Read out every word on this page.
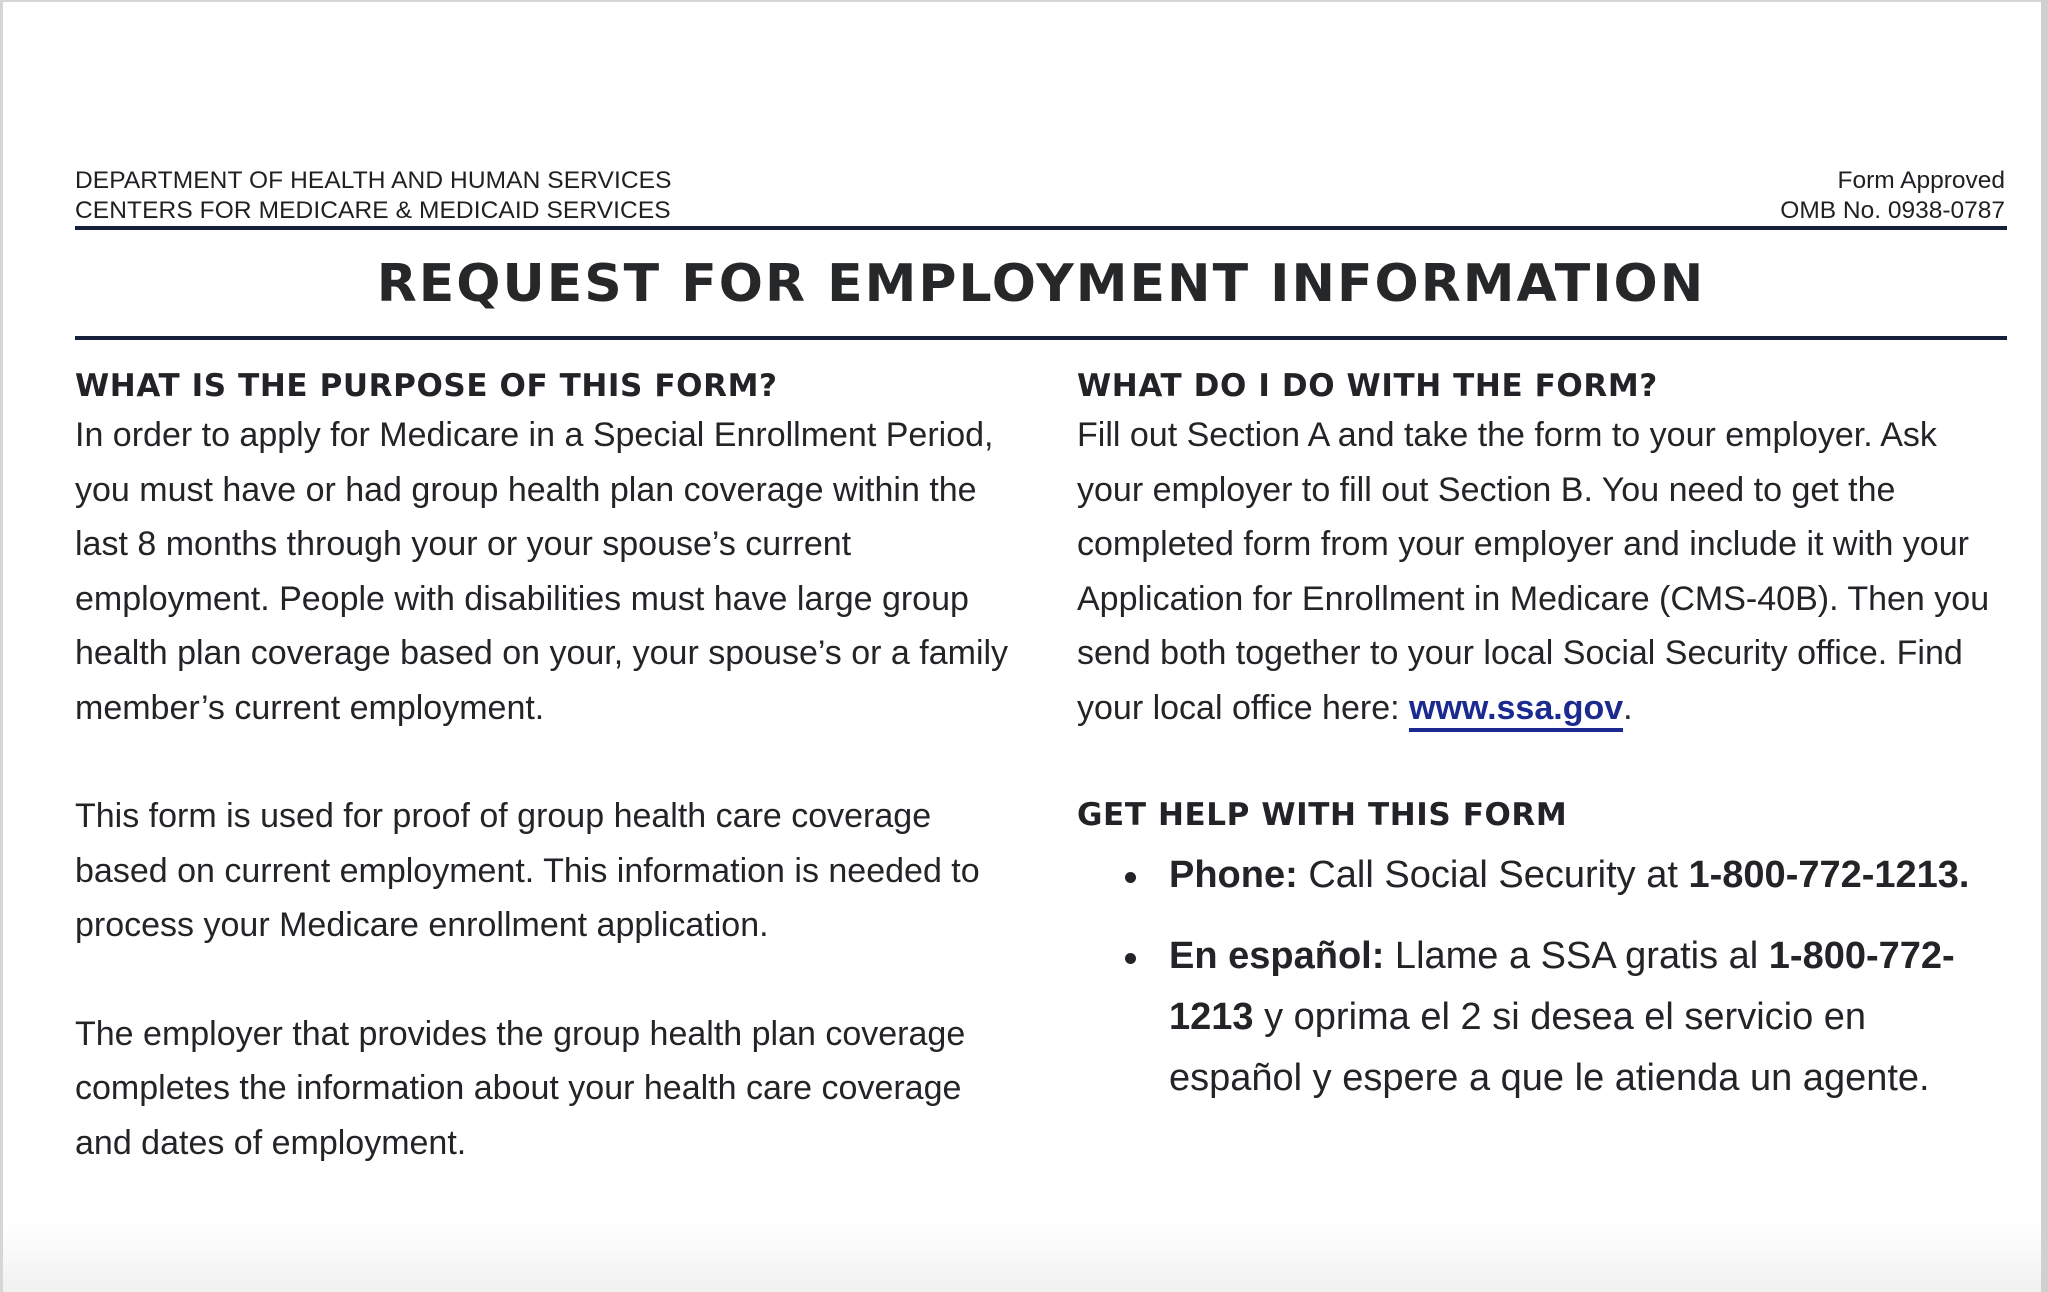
DEPARTMENT OF HEALTH AND HUMAN SERVICES
CENTERS FOR MEDICARE & MEDICAID SERVICES
Form Approved
OMB No. 0938-0787
REQUEST FOR EMPLOYMENT INFORMATION
WHAT IS THE PURPOSE OF THIS FORM?

In order to apply for Medicare in a Special Enrollment Period, you must have or had group health plan coverage within the last 8 months through your or your spouse’s current employment. People with disabilities must have large group health plan coverage based on your, your spouse’s or a family member’s current employment.

This form is used for proof of group health care coverage based on current employment. This information is needed to process your Medicare enrollment application.

The employer that provides the group health plan coverage completes the information about your health care coverage and dates of employment.

WHAT DO I DO WITH THE FORM?

Fill out Section A and take the form to your employer. Ask your employer to fill out Section B. You need to get the completed form from your employer and include it with your Application for Enrollment in Medicare (CMS-40B). Then you send both together to your local Social Security office. Find your local office here: www.ssa.gov.

GET HELP WITH THIS FORM
Phone: Call Social Security at 1-800-772-1213.
En español: Llame a SSA gratis al 1-800-772-1213 y oprima el 2 si desea el servicio en español y espere a que le atienda un agente.
